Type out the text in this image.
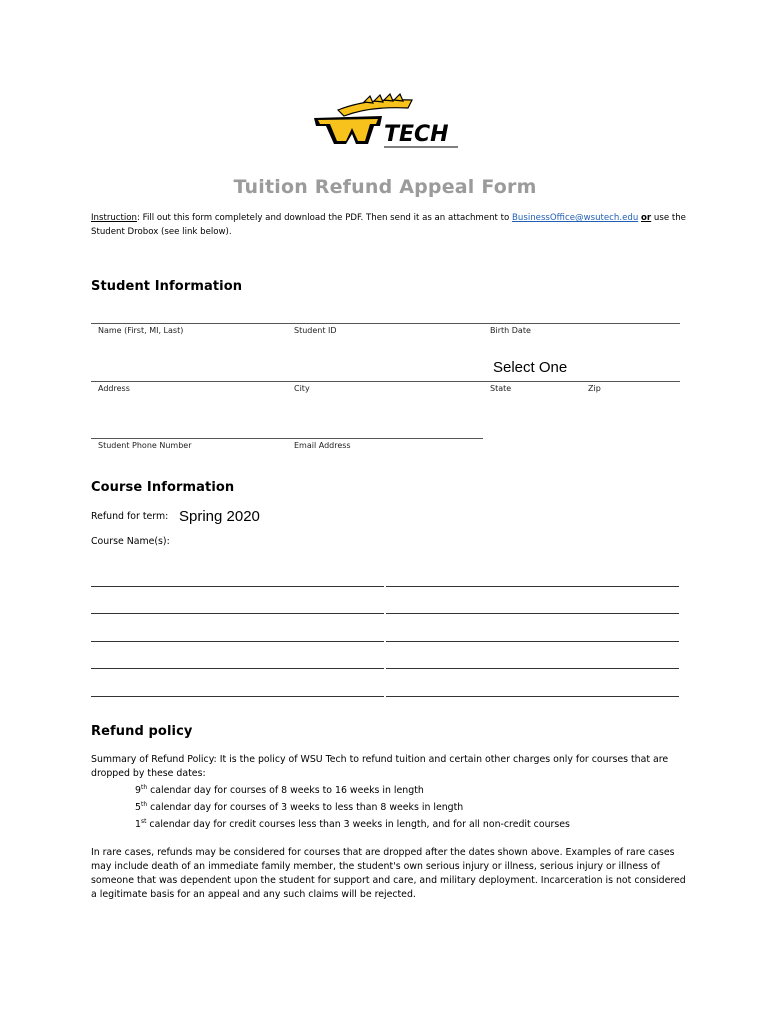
TECH
Tuition Refund Appeal Form
Instruction: Fill out this form completely and download the PDF. Then send it as an attachment to BusinessOffice@wsutech.edu or use the Student Drobox (see link below).
Student Information
Name (First, MI, Last)	Student ID	Birth Date
Select One
Address	City	State	Zip
Student Phone Number	Email Address
Course Information
Refund for term: Spring 2020
Course Name(s):
Refund policy

Summary of Refund Policy: It is the policy of WSU Tech to refund tuition and certain other charges only for courses that are dropped by these dates:

9th calendar day for courses of 8 weeks to 16 weeks in length

5th calendar day for courses of 3 weeks to less than 8 weeks in length

1st calendar day for credit courses less than 3 weeks in length, and for all non-credit courses

In rare cases, refunds may be considered for courses that are dropped after the dates shown above. Examples of rare cases may include death of an immediate family member, the student's own serious injury or illness, serious injury or illness of someone that was dependent upon the student for support and care, and military deployment. Incarceration is not considered a legitimate basis for an appeal and any such claims will be rejected.
